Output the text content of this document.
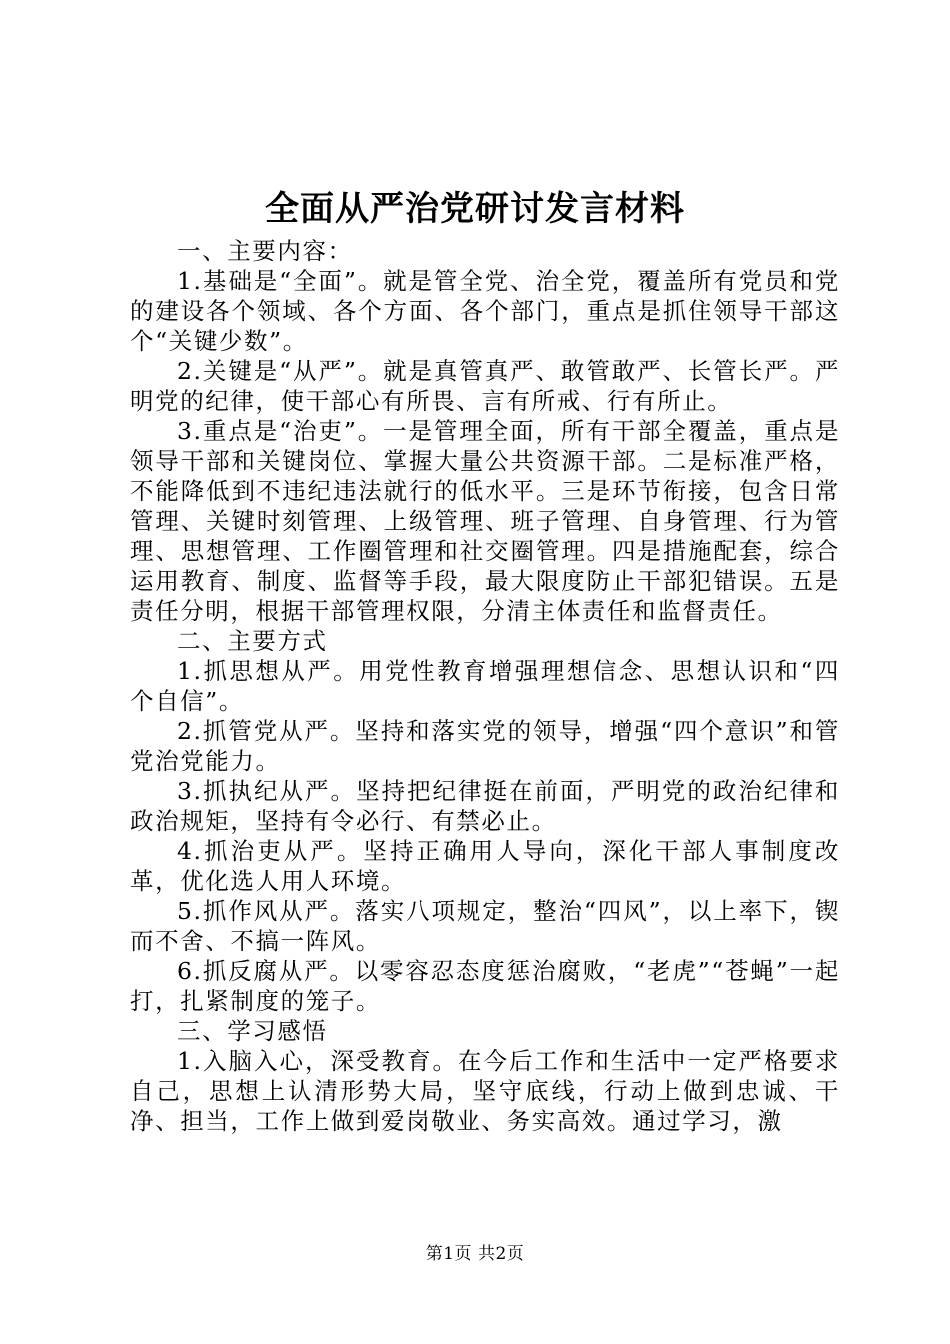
全面从严治党研讨发言材料

一、主要内容：

1.基础是“全面”。就是管全党、治全党，覆盖所有党员和党的建设各个领域、各个方面、各个部门，重点是抓住领导干部这个“关键少数”。

2.关键是“从严”。就是真管真严、敢管敢严、长管长严。严明党的纪律，使干部心有所畏、言有所戒、行有所止。

3.重点是“治吏”。一是管理全面，所有干部全覆盖，重点是领导干部和关键岗位、掌握大量公共资源干部。二是标准严格，不能降低到不违纪违法就行的低水平。三是环节衔接，包含日常管理、关键时刻管理、上级管理、班子管理、自身管理、行为管理、思想管理、工作圈管理和社交圈管理。四是措施配套，综合运用教育、制度、监督等手段，最大限度防止干部犯错误。五是责任分明，根据干部管理权限，分清主体责任和监督责任。

二、主要方式

1.抓思想从严。用党性教育增强理想信念、思想认识和“四个自信”。

2.抓管党从严。坚持和落实党的领导，增强“四个意识”和管党治党能力。

3.抓执纪从严。坚持把纪律挺在前面，严明党的政治纪律和政治规矩，坚持有令必行、有禁必止。

4.抓治吏从严。坚持正确用人导向，深化干部人事制度改革，优化选人用人环境。

5.抓作风从严。落实八项规定，整治“四风”，以上率下，锲而不舍、不搞一阵风。

6.抓反腐从严。以零容忍态度惩治腐败，“老虎”“苍蝇”一起打，扎紧制度的笼子。

三、学习感悟

1.入脑入心，深受教育。在今后工作和生活中一定严格要求自己，思想上认清形势大局，坚守底线，行动上做到忠诚、干净、担当，工作上做到爱岗敬业、务实高效。通过学习，激

第1页 共2页
